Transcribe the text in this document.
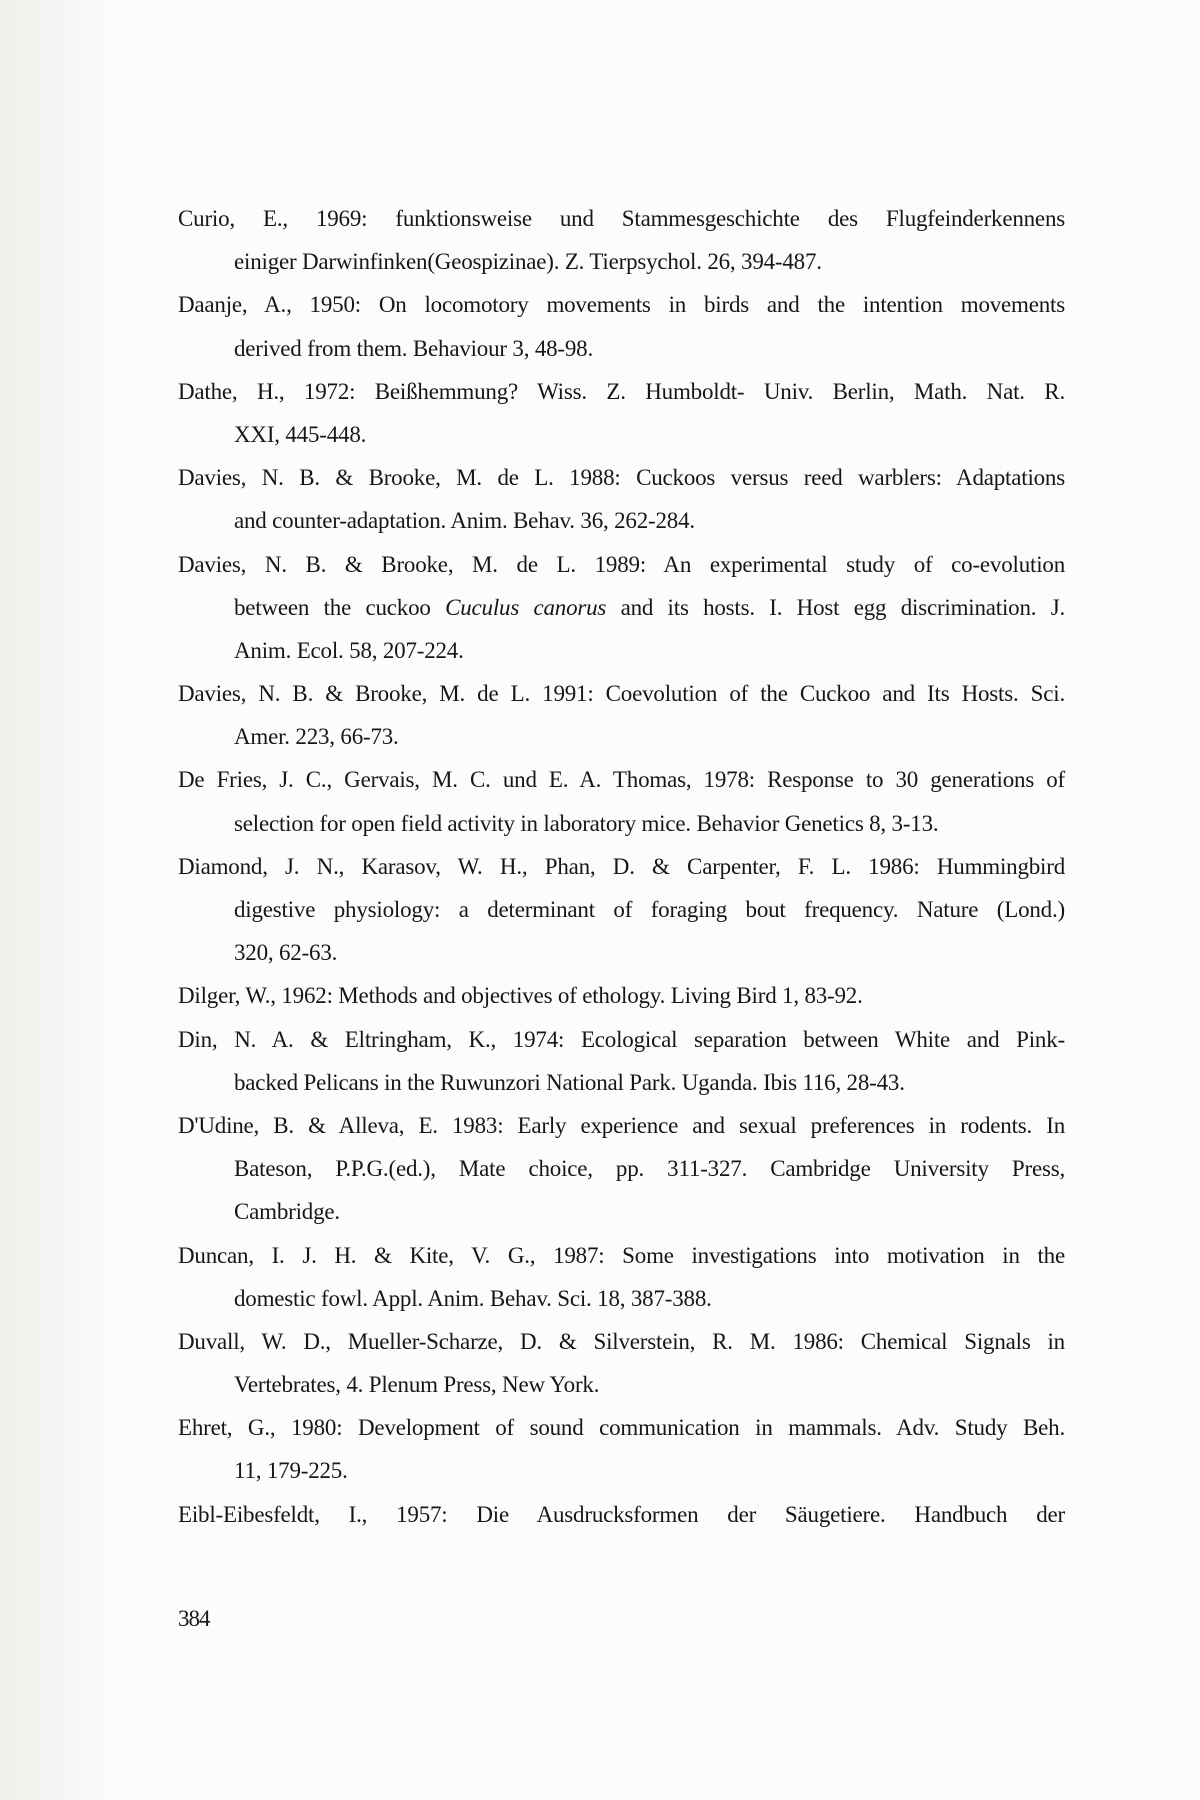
Curio, E., 1969: funktionsweise und Stammesgeschichte des Flugfeinderkennens
einiger Darwinfinken(Geospizinae). Z. Tierpsychol. 26, 394-487.
Daanje, A., 1950: On locomotory movements in birds and the intention movements
derived from them. Behaviour 3, 48-98.
Dathe, H., 1972: Beißhemmung? Wiss. Z. Humboldt- Univ. Berlin, Math. Nat. R.
XXI, 445-448.
Davies, N. B. & Brooke, M. de L. 1988: Cuckoos versus reed warblers: Adaptations
and counter-adaptation. Anim. Behav. 36, 262-284.
Davies, N. B. & Brooke, M. de L. 1989: An experimental study of co-evolution
between the cuckoo Cuculus canorus and its hosts. I. Host egg discrimination. J.
Anim. Ecol. 58, 207-224.
Davies, N. B. & Brooke, M. de L. 1991: Coevolution of the Cuckoo and Its Hosts. Sci.
Amer. 223, 66-73.
De Fries, J. C., Gervais, M. C. und E. A. Thomas, 1978: Response to 30 generations of
selection for open field activity in laboratory mice. Behavior Genetics 8, 3-13.
Diamond, J. N., Karasov, W. H., Phan, D. & Carpenter, F. L. 1986: Hummingbird
digestive physiology: a determinant of foraging bout frequency. Nature (Lond.)
320, 62-63.
Dilger, W., 1962: Methods and objectives of ethology. Living Bird 1, 83-92.
Din, N. A. & Eltringham, K., 1974: Ecological separation between White and Pink-
backed Pelicans in the Ruwunzori National Park. Uganda. Ibis 116, 28-43.
D'Udine, B. & Alleva, E. 1983: Early experience and sexual preferences in rodents. In
Bateson, P.P.G.(ed.), Mate choice, pp. 311-327. Cambridge University Press,
Cambridge.
Duncan, I. J. H. & Kite, V. G., 1987: Some investigations into motivation in the
domestic fowl. Appl. Anim. Behav. Sci. 18, 387-388.
Duvall, W. D., Mueller-Scharze, D. & Silverstein, R. M. 1986: Chemical Signals in
Vertebrates, 4. Plenum Press, New York.
Ehret, G., 1980: Development of sound communication in mammals. Adv. Study Beh.
11, 179-225.
Eibl-Eibesfeldt, I., 1957: Die Ausdrucksformen der Säugetiere. Handbuch der
384
